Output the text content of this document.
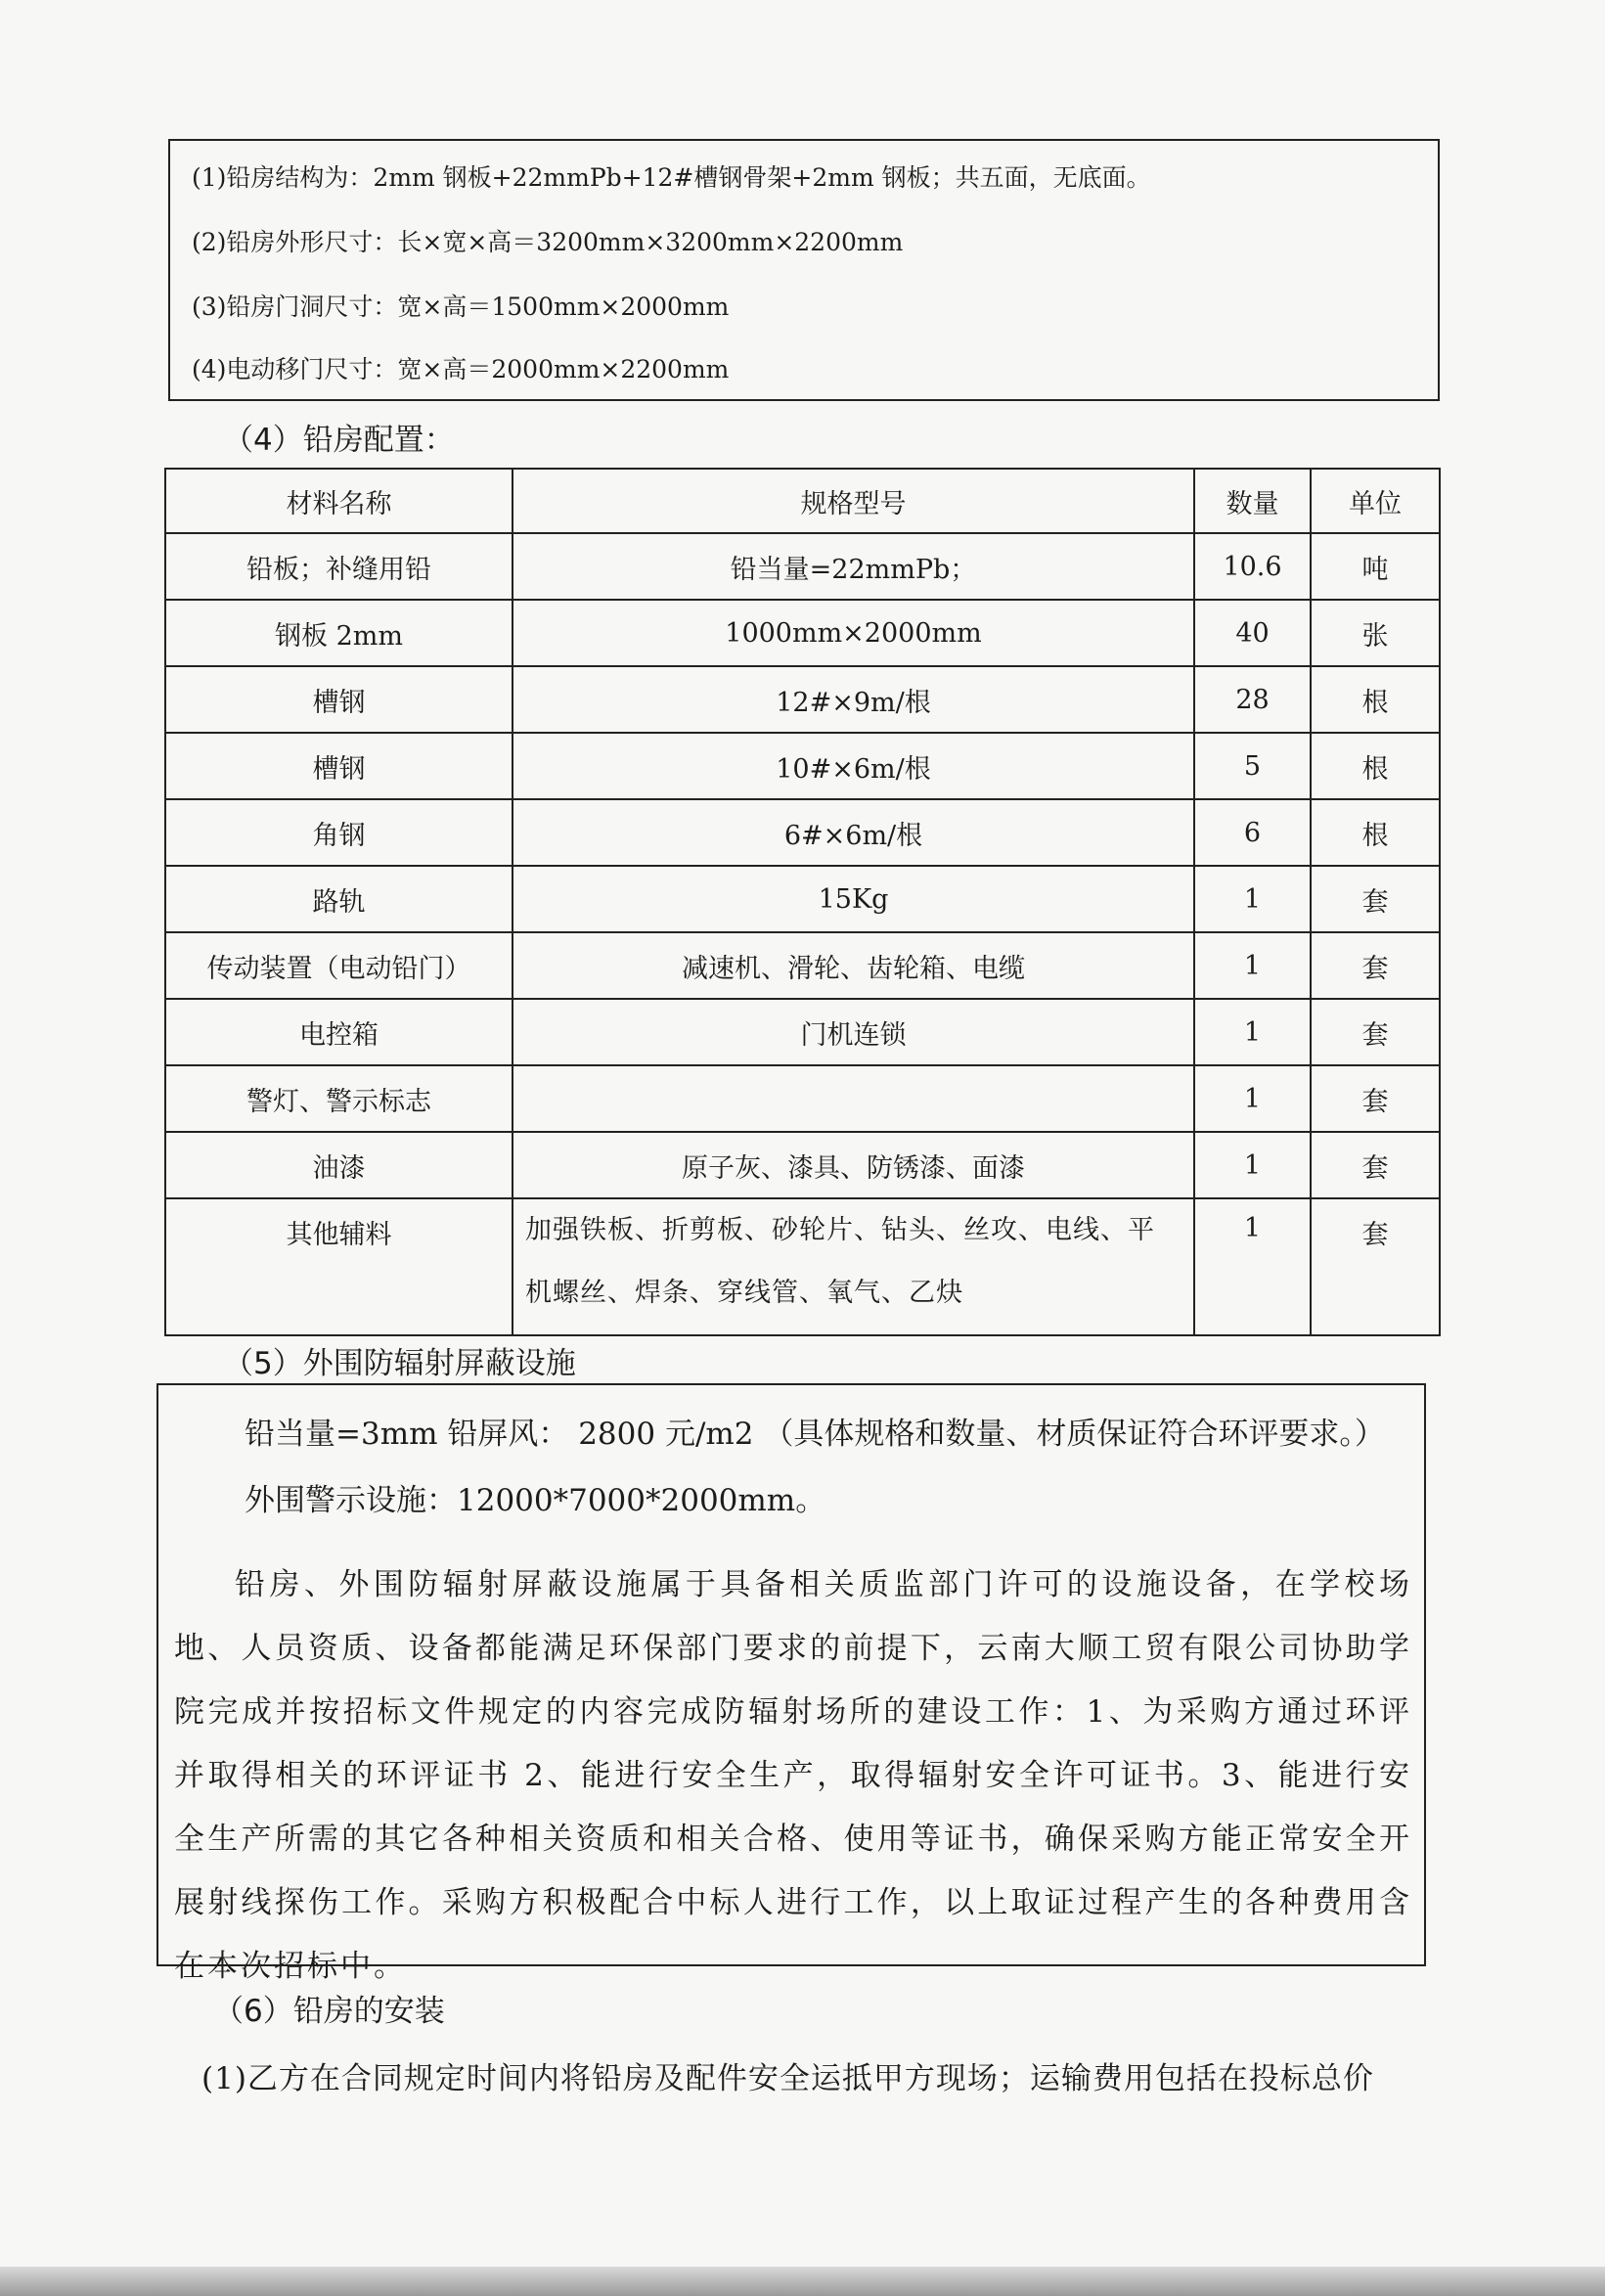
(1)铅房结构为：2mm 钢板+22mmPb+12#槽钢骨架+2mm 钢板；共五面，无底面。
(2)铅房外形尺寸：长×宽×高＝3200mm×3200mm×2200mm
(3)铅房门洞尺寸：宽×高＝1500mm×2000mm
(4)电动移门尺寸：宽×高＝2000mm×2200mm
（4）铅房配置：
材料名称	规格型号	数量	单位
铅板；补缝用铅	铅当量=22mmPb；	10.6	吨
钢板 2mm	1000mm×2000mm	40	张
槽钢	12#×9m/根	28	根
槽钢	10#×6m/根	5	根
角钢	6#×6m/根	6	根
路轨	15Kg	1	套
传动装置（电动铅门）	减速机、滑轮、齿轮箱、电缆	1	套
电控箱	门机连锁	1	套
警灯、警示标志		1	套
油漆	原子灰、漆具、防锈漆、面漆	1	套
其他辅料	加强铁板、折剪板、砂轮片、钻头、丝攻、电线、平机螺丝、焊条、穿线管、氧气、乙炔	1	套
（5）外围防辐射屏蔽设施
铅当量=3mm 铅屏风： 2800 元/m2 （具体规格和数量、材质保证符合环评要求。）
外围警示设施：12000*7000*2000mm。
铅房、外围防辐射屏蔽设施属于具备相关质监部门许可的设施设备，在学校场地、人员资质、设备都能满足环保部门要求的前提下，云南大顺工贸有限公司协助学院完成并按招标文件规定的内容完成防辐射场所的建设工作：1、为采购方通过环评并取得相关的环评证书 2、能进行安全生产，取得辐射安全许可证书。3、能进行安全生产所需的其它各种相关资质和相关合格、使用等证书，确保采购方能正常安全开展射线探伤工作。采购方积极配合中标人进行工作，以上取证过程产生的各种费用含在本次招标中。
（6）铅房的安装
(1)乙方在合同规定时间内将铅房及配件安全运抵甲方现场；运输费用包括在投标总价
